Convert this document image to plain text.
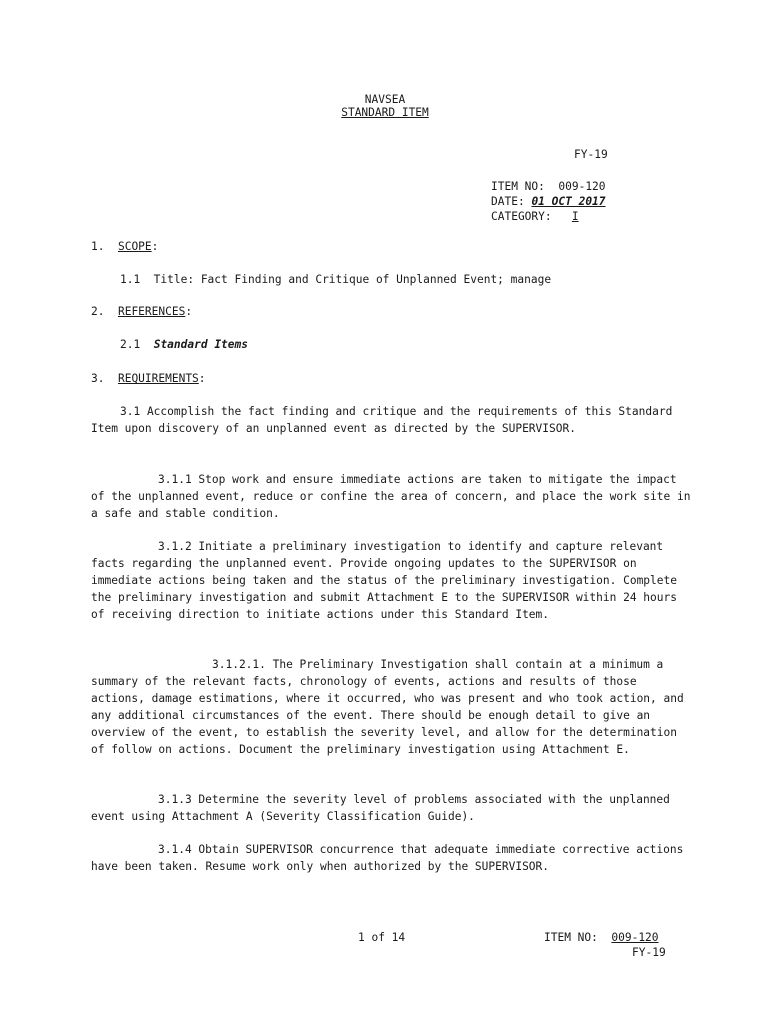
NAVSEA
STANDARD ITEM
FY-19
ITEM NO: 009-120
DATE: 01 OCT 2017
CATEGORY: I
1. SCOPE:
1.1  Title: Fact Finding and Critique of Unplanned Event; manage
2. REFERENCES:
2.1 Standard Items
3. REQUIREMENTS:
3.1 Accomplish the fact finding and critique and the requirements of this Standard Item upon discovery of an unplanned event as directed by the SUPERVISOR.
3.1.1 Stop work and ensure immediate actions are taken to mitigate the impact of the unplanned event, reduce or confine the area of concern, and place the work site in a safe and stable condition.
3.1.2 Initiate a preliminary investigation to identify and capture relevant facts regarding the unplanned event. Provide ongoing updates to the SUPERVISOR on immediate actions being taken and the status of the preliminary investigation. Complete the preliminary investigation and submit Attachment E to the SUPERVISOR within 24 hours of receiving direction to initiate actions under this Standard Item.
3.1.2.1. The Preliminary Investigation shall contain at a minimum a summary of the relevant facts, chronology of events, actions and results of those actions, damage estimations, where it occurred, who was present and who took action, and any additional circumstances of the event. There should be enough detail to give an overview of the event, to establish the severity level, and allow for the determination of follow on actions. Document the preliminary investigation using Attachment E.
3.1.3 Determine the severity level of problems associated with the unplanned event using Attachment A (Severity Classification Guide).
3.1.4 Obtain SUPERVISOR concurrence that adequate immediate corrective actions have been taken. Resume work only when authorized by the SUPERVISOR.
1 of 14	ITEM NO: 009-120
FY-19
